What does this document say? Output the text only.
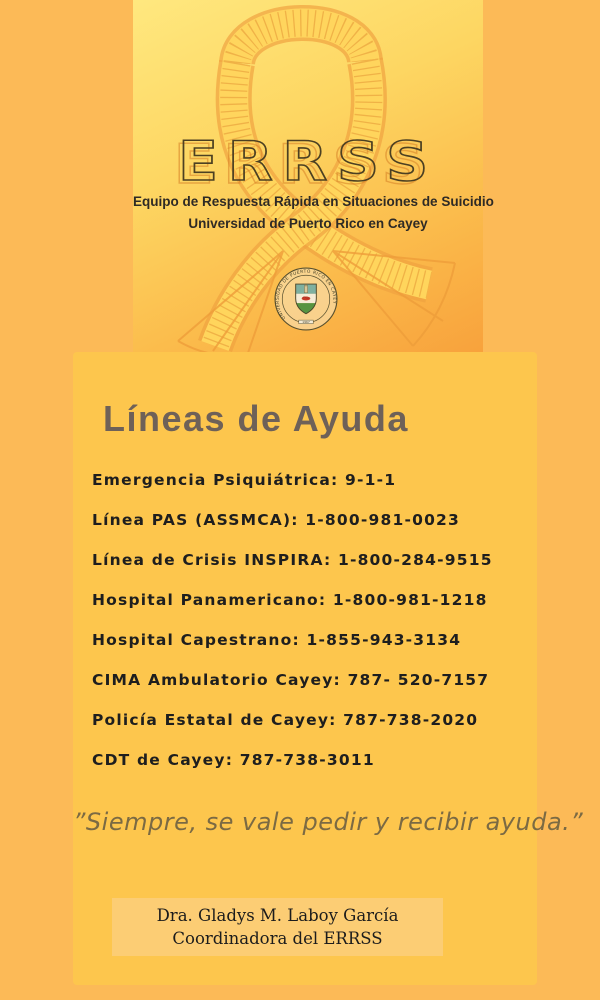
ERRSS ERRSS
Equipo de Respuesta Rápida en Situaciones de Suicidio
Universidad de Puerto Rico en Cayey
UNIVERSIDAD DE PUERTO RICO EN CAYEY
1967
Líneas de Ayuda
Emergencia Psiquiátrica: 9-1-1
Línea PAS (ASSMCA): 1-800-981-0023
Línea de Crisis INSPIRA: 1-800-284-9515
Hospital Panamericano: 1-800-981-1218
Hospital Capestrano: 1-855-943-3134
CIMA Ambulatorio Cayey: 787- 520-7157
Policía Estatal de Cayey: 787-738-2020
CDT de Cayey: 787-738-3011
”Siempre, se vale pedir y recibir ayuda.”
Dra. Gladys M. Laboy García
Coordinadora del ERRSS
